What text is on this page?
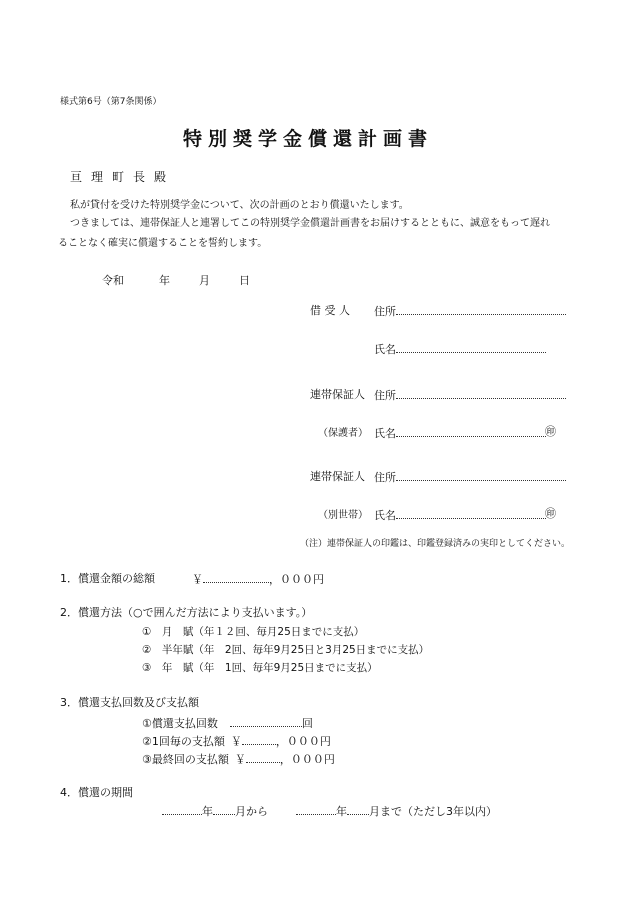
様式第6号（第7条関係）
特別奨学金償還計画書
亘理町長殿
私が貸付を受けた特別奨学金について、次の計画のとおり償還いたします。
つきましては、連帯保証人と連署してこの特別奨学金償還計画書をお届けするとともに、誠意をもって遅れ
ることなく確実に償還することを誓約します。
令和	年	月	日
借 受 人 住所
氏名
連帯保証人 住所
（保護者） 氏名	㊞
連帯保証人 住所
（別世帯） 氏名	㊞
（注）連帯保証人の印鑑は、印鑑登録済みの実印としてください。
1．償還金額の総額	￥	，０００円
2．償還方法（○で囲んだ方法により支払います。）
①　月　賦（年１２回、毎月25日までに支払）
②　半年賦（年　2回、毎年9月25日と3月25日までに支払）
③　年　賦（年　1回、毎年9月25日までに支払）
3．償還支払回数及び支払額
①償還支払回数	回
②1回毎の支払額 ￥	，０００円
③最終回の支払額 ￥	，０００円
4．償還の期間
年 月から	年 月まで（ただし3年以内）
